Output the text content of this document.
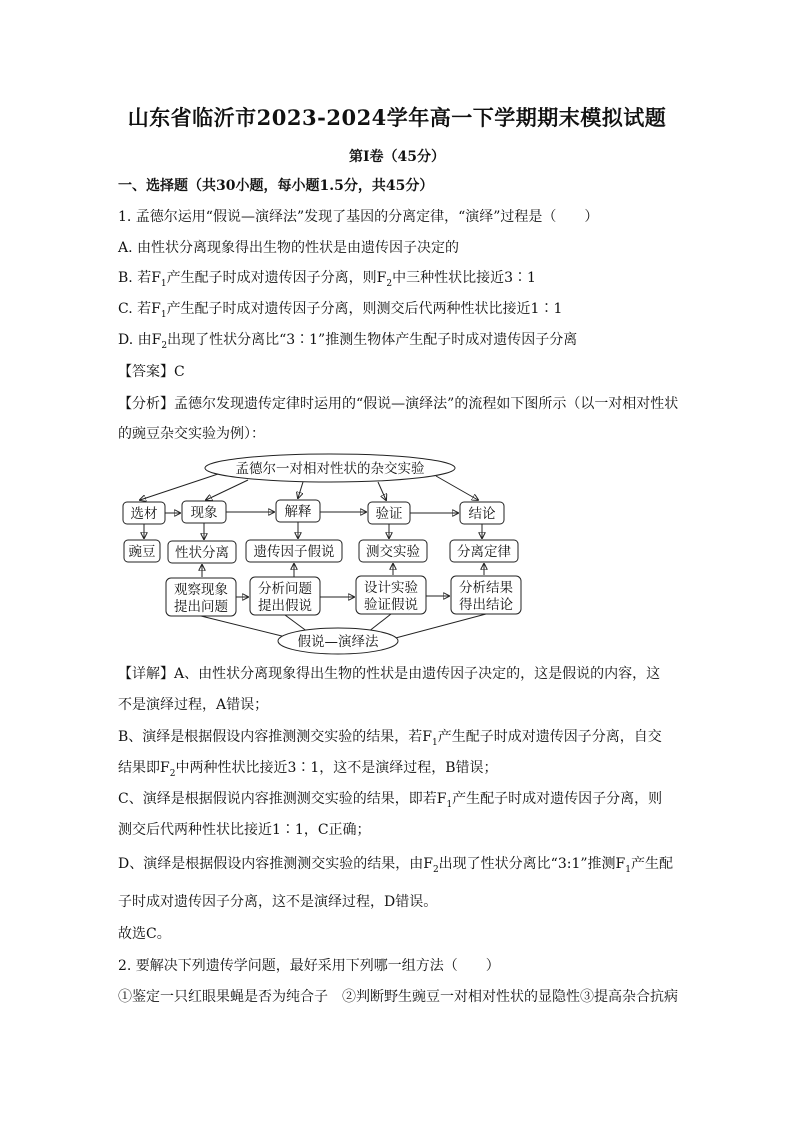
山东省临沂市2023-2024学年高一下学期期末模拟试题
第Ⅰ卷（45分）
一、选择题（共30小题，每小题1.5分，共45分）
1. 孟德尔运用“假说—演绎法”发现了基因的分离定律，“演绎”过程是（　　）
A. 由性状分离现象得出生物的性状是由遗传因子决定的
B. 若$F_1$产生配子时成对遗传因子分离，则$F_2$中三种性状比接近3∶1
C. 若$F_1$产生配子时成对遗传因子分离，则测交后代两种性状比接近1∶1
D. 由$F_2$出现了性状分离比“3∶1”推测生物体产生配子时成对遗传因子分离
【答案】C
【分析】孟德尔发现遗传定律时运用的“假说—演绎法”的流程如下图所示（以一对相对性状
的豌豆杂交实验为例）：
孟德尔一对相对性状的杂交实验
选材 现象	解释	验证	结论
豌豆 性状分离 遗传因子假说 测交实验	分离定律
观察现象
提出问题
分析问题
提出假说
设计实验
验证假说
分析结果
得出结论
假说—演绎法
【详解】A、由性状分离现象得出生物的性状是由遗传因子决定的，这是假说的内容，这
不是演绎过程，A错误；
B、演绎是根据假设内容推测测交实验的结果，若$F_1$产生配子时成对遗传因子分离，自交
结果即$F_2$中两种性状比接近3∶1，这不是演绎过程，B错误；
C、演绎是根据假说内容推测测交实验的结果，即若$F_1$产生配子时成对遗传因子分离，则
测交后代两种性状比接近1∶1，C正确；
D、演绎是根据假设内容推测测交实验的结果，由$F_2$出现了性状分离比“3:1”推测$F_1$产生配
子时成对遗传因子分离，这不是演绎过程，D错误。
故选C。
2. 要解决下列遗传学问题，最好采用下列哪一组方法（　　）
①鉴定一只红眼果蝇是否为纯合子　②判断野生豌豆一对相对性状的显隐性③提高杂合抗病
